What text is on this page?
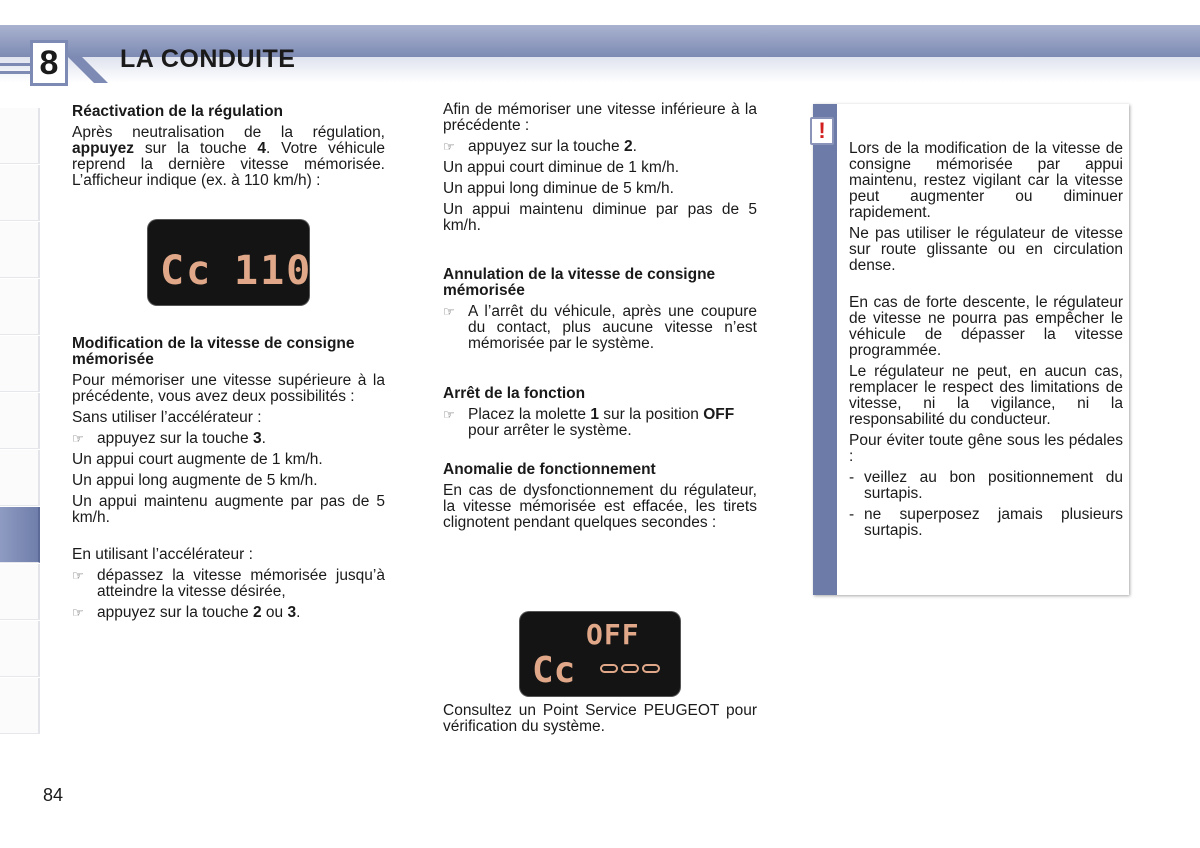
8	LA CONDUITE

Réactivation de la régulation

Après neutralisation de la régulation, appuyez sur la touche 4. Votre véhicule reprend la dernière vitesse mémorisée. L’afficheur indique (ex. à 110 km/h) :

Cc 110

Modification de la vitesse de consigne mémorisée

Pour mémoriser une vitesse supérieure à la précédente, vous avez deux possibilités :

Sans utiliser l’accélérateur :

☞ appuyez sur la touche 3.

Un appui court augmente de 1 km/h.

Un appui long augmente de 5 km/h.

Un appui maintenu augmente par pas de 5 km/h.

En utilisant l’accélérateur :

☞ dépassez la vitesse mémorisée jusqu’à atteindre la vitesse désirée,

☞ appuyez sur la touche 2 ou 3.

Afin de mémoriser une vitesse inférieure à la précédente :

☞ appuyez sur la touche 2.

Un appui court diminue de 1 km/h.

Un appui long diminue de 5 km/h.

Un appui maintenu diminue par pas de 5 km/h.

Annulation de la vitesse de consigne mémorisée

☞ A l’arrêt du véhicule, après une coupure du contact, plus aucune vitesse n’est mémorisée par le système.

Arrêt de la fonction

☞ Placez la molette 1 sur la position OFF pour arrêter le système.

Anomalie de fonctionnement

En cas de dysfonctionnement du régulateur, la vitesse mémorisée est effacée, les tirets clignotent pendant quelques secondes :

OFF
Cc

Consultez un Point Service PEUGEOT pour vérification du système.

!

Lors de la modification de la vitesse de consigne mémorisée par appui maintenu, restez vigilant car la vitesse peut augmenter ou diminuer rapidement.

Ne pas utiliser le régulateur de vitesse sur route glissante ou en circulation dense.

En cas de forte descente, le régulateur de vitesse ne pourra pas empêcher le véhicule de dépasser la vitesse programmée.

Le régulateur ne peut, en aucun cas, remplacer le respect des limitations de vitesse, ni la vigilance, ni la responsabilité du conducteur.

Pour éviter toute gêne sous les pédales :

- veillez au bon positionnement du surtapis.

- ne superposez jamais plusieurs surtapis.

84
